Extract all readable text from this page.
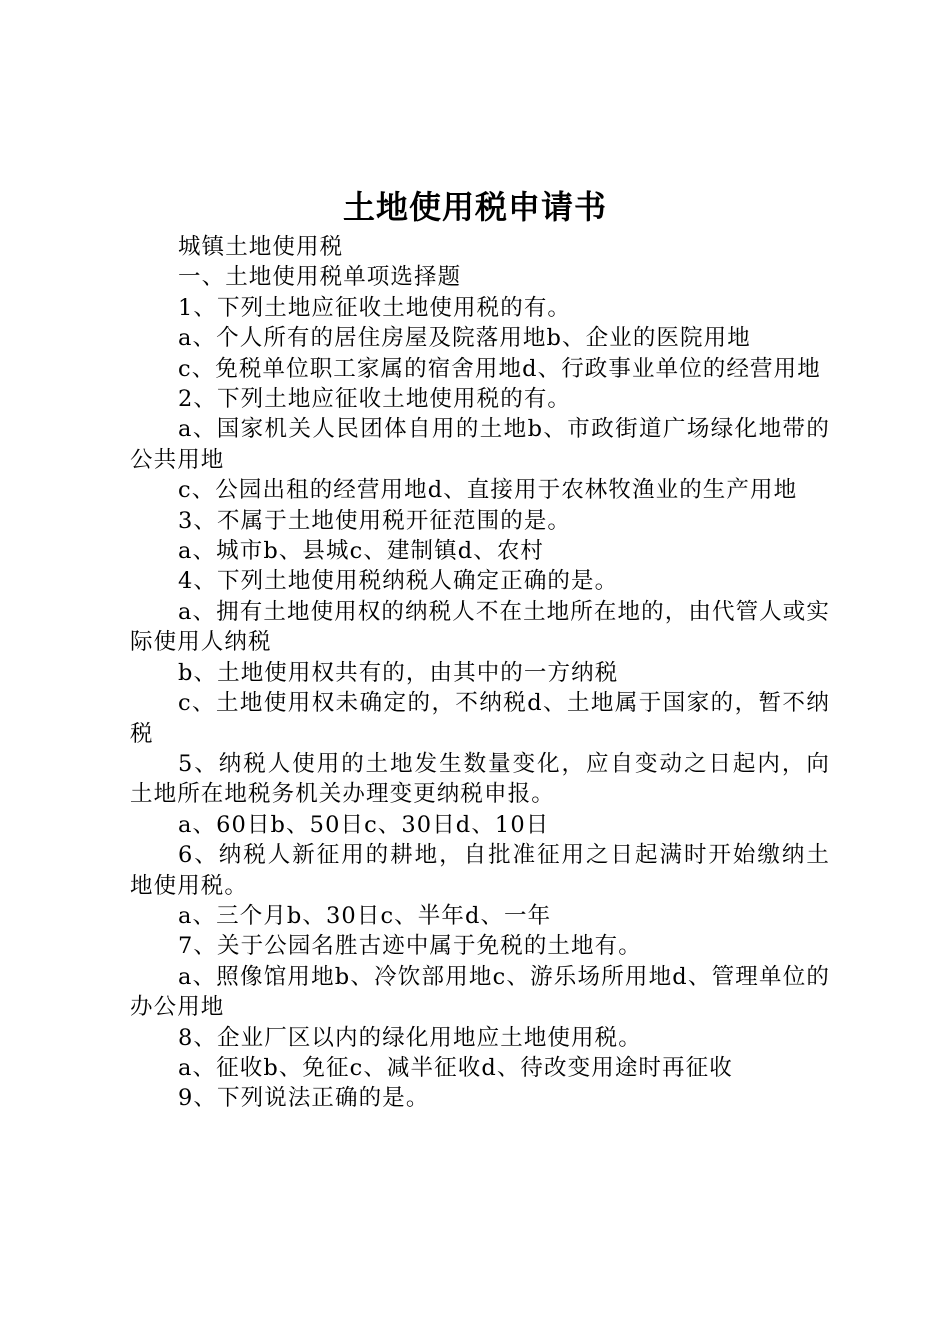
土地使用税申请书

城镇土地使用税

一、土地使用税单项选择题

1、下列土地应征收土地使用税的有。

a、个人所有的居住房屋及院落用地b、企业的医院用地

c、免税单位职工家属的宿舍用地d、行政事业单位的经营用地

2、下列土地应征收土地使用税的有。

a、国家机关人民团体自用的土地b、市政街道广场绿化地带的公共用地

c、公园出租的经营用地d、直接用于农林牧渔业的生产用地

3、不属于土地使用税开征范围的是。

a、城市b、县城c、建制镇d、农村

4、下列土地使用税纳税人确定正确的是。

a、拥有土地使用权的纳税人不在土地所在地的，由代管人或实际使用人纳税

b、土地使用权共有的，由其中的一方纳税

c、土地使用权未确定的，不纳税d、土地属于国家的，暂不纳税

5、纳税人使用的土地发生数量变化，应自变动之日起内，向土地所在地税务机关办理变更纳税申报。

a、60日b、50日c、30日d、10日

6、纳税人新征用的耕地，自批准征用之日起满时开始缴纳土地使用税。

a、三个月b、30日c、半年d、一年

7、关于公园名胜古迹中属于免税的土地有。

a、照像馆用地b、冷饮部用地c、游乐场所用地d、管理单位的办公用地

8、企业厂区以内的绿化用地应土地使用税。

a、征收b、免征c、减半征收d、待改变用途时再征收

9、下列说法正确的是。
